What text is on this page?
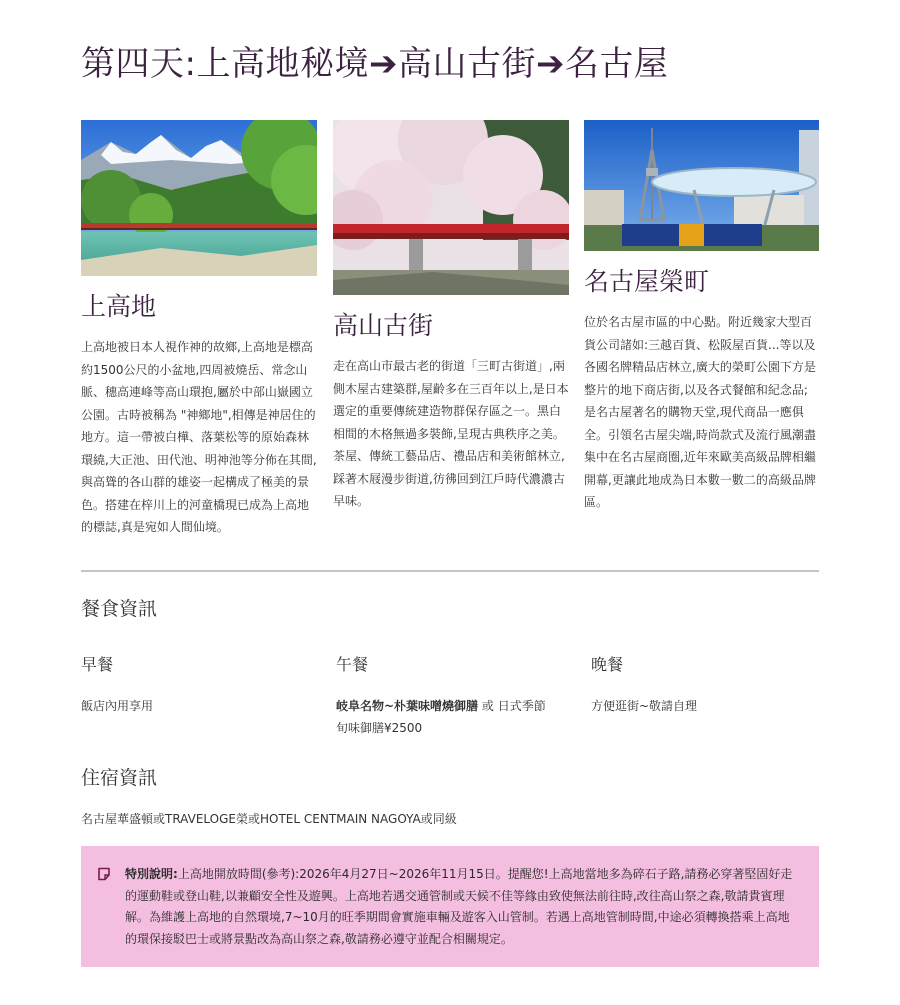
第四天:上高地秘境➔高山古街➔名古屋
上高地

上高地被日本人視作神的故鄉,上高地是標高約1500公尺的小盆地,四周被燒岳、常念山脈、穗高連峰等高山環抱,屬於中部山嶽國立公園。古時被稱為 "神鄉地",相傳是神居住的地方。這一帶被白樺、落葉松等的原始森林環繞,大正池、田代池、明神池等分佈在其間,與高聳的各山群的雄姿一起構成了極美的景色。搭建在梓川上的河童橋現已成為上高地的標誌,真是宛如人間仙境。

高山古街

走在高山市最古老的街道「三町古街道」,兩側木屋古建築群,屋齡多在三百年以上,是日本選定的重要傳統建造物群保存區之一。黑白相間的木格無過多裝飾,呈現古典秩序之美。茶屋、傳統工藝品店、禮品店和美術館林立,踩著木屐漫步街道,彷彿回到江戶時代濃濃古早味。

名古屋榮町

位於名古屋市區的中心點。附近幾家大型百貨公司諸如:三越百貨、松阪屋百貨...等以及各國名牌精品店林立,廣大的榮町公園下方是整片的地下商店街,以及各式餐館和紀念品;是名古屋著名的購物天堂,現代商品一應俱全。引領名古屋尖端,時尚款式及流行風潮盡集中在名古屋商圈,近年來歐美高級品牌相繼開幕,更讓此地成為日本數一數二的高級品牌區。

餐食資訊

早餐

飯店內用享用

午餐

岐阜名物~朴葉味噌燒御膳 或 日式季節旬味御膳¥2500

晚餐

方便逛街~敬請自理

住宿資訊

名古屋華盛頓或TRAVELOGE榮或HOTEL CENTMAIN NAGOYA或同級

特別說明:上高地開放時間(參考):2026年4月27日~2026年11月15日。提醒您!上高地當地多為碎石子路,請務必穿著堅固好走的運動鞋或登山鞋,以兼顧安全性及遊興。上高地若遇交通管制或天候不佳等緣由致使無法前往時,改往高山祭之森,敬請貴賓理解。為維護上高地的自然環境,7~10月的旺季期間會實施車輛及遊客入山管制。若遇上高地管制時間,中途必須轉換搭乘上高地的環保接駁巴士或將景點改為高山祭之森,敬請務必遵守並配合相關規定。
